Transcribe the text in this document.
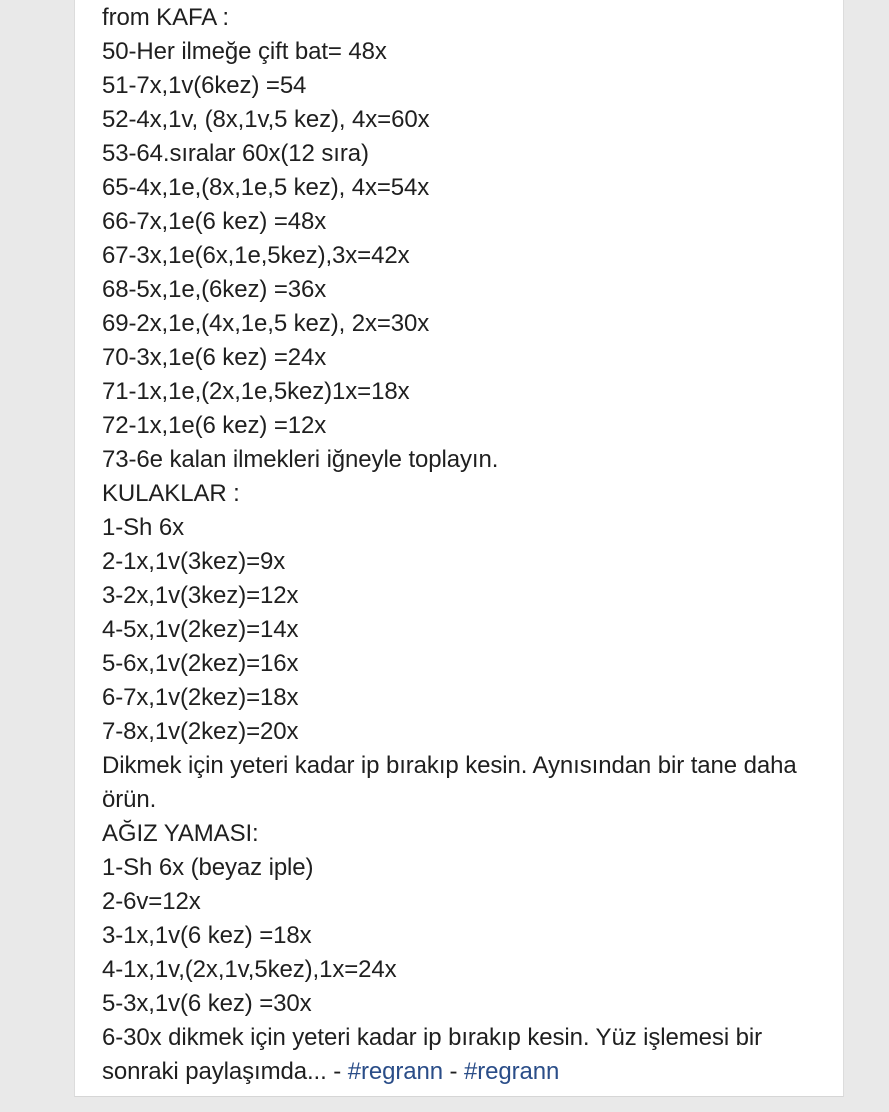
from KAFA :
50-Her ilmeğe çift bat= 48x
51-7x,1v(6kez) =54
52-4x,1v, (8x,1v,5 kez), 4x=60x
53-64.sıralar 60x(12 sıra)
65-4x,1e,(8x,1e,5 kez), 4x=54x
66-7x,1e(6 kez) =48x
67-3x,1e(6x,1e,5kez),3x=42x
68-5x,1e,(6kez) =36x
69-2x,1e,(4x,1e,5 kez), 2x=30x
70-3x,1e(6 kez) =24x
71-1x,1e,(2x,1e,5kez)1x=18x
72-1x,1e(6 kez) =12x
73-6e kalan ilmekleri iğneyle toplayın.
KULAKLAR :
1-Sh 6x
2-1x,1v(3kez)=9x
3-2x,1v(3kez)=12x
4-5x,1v(2kez)=14x
5-6x,1v(2kez)=16x
6-7x,1v(2kez)=18x
7-8x,1v(2kez)=20x
Dikmek için yeteri kadar ip bırakıp kesin. Aynısından bir tane daha örün.
AĞIZ YAMASI:
1-Sh 6x (beyaz iple)
2-6v=12x
3-1x,1v(6 kez) =18x
4-1x,1v,(2x,1v,5kez),1x=24x
5-3x,1v(6 kez) =30x
6-30x dikmek için yeteri kadar ip bırakıp kesin. Yüz işlemesi bir sonraki paylaşımda... - #regrann - #regrann
